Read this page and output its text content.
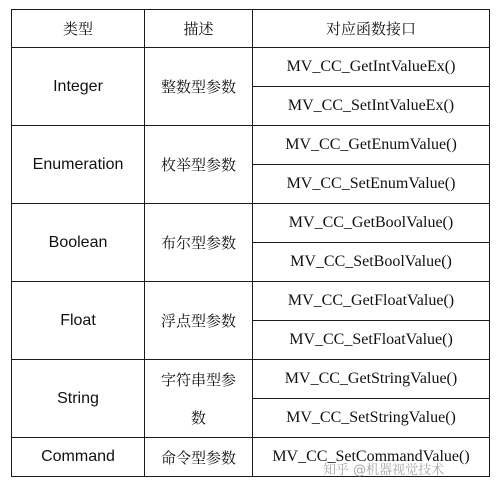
类型	描述	对应函数接口
Integer	整数型参数	MV_CC_GetIntValueEx()
		MV_CC_SetIntValueEx()
Enumeration	枚举型参数	MV_CC_GetEnumValue()
		MV_CC_SetEnumValue()
Boolean	布尔型参数	MV_CC_GetBoolValue()
		MV_CC_SetBoolValue()
Float	浮点型参数	MV_CC_GetFloatValue()
		MV_CC_SetFloatValue()
String	字符串型参数	MV_CC_GetStringValue()
		MV_CC_SetStringValue()
Command	命令型参数	MV_CC_SetCommandValue()
知乎 @机器视觉技术
